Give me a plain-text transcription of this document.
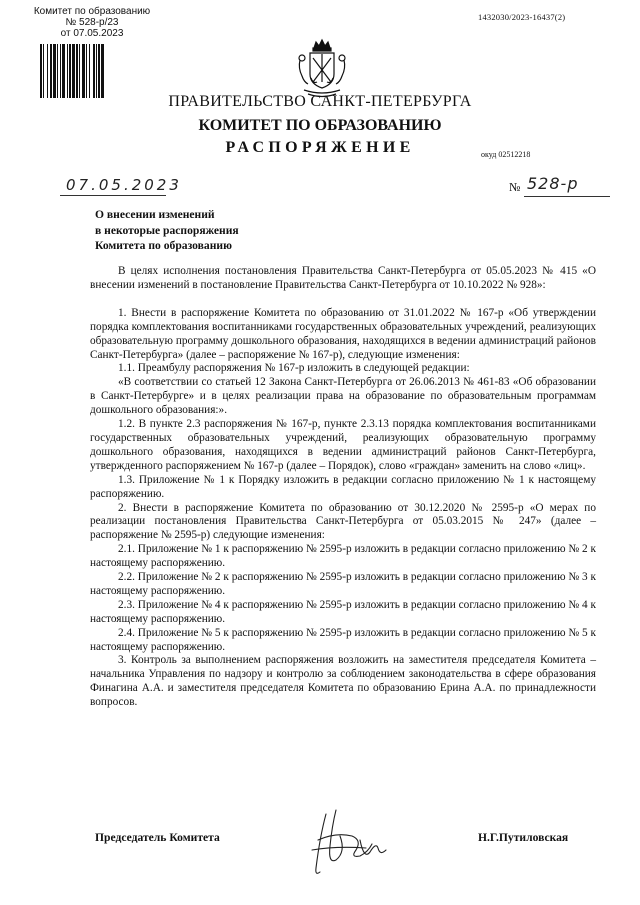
Комитет по образованию
№ 528-р/23
от 07.05.2023
1432030/2023-16437(2)
ПРАВИТЕЛЬСТВО САНКТ-ПЕТЕРБУРГА
КОМИТЕТ ПО ОБРАЗОВАНИЮ
РАСПОРЯЖЕНИЕ	окуд 02512218
07.05.2023	№ 528-р
О внесении изменений
в некоторые распоряжения
Комитета по образованию

В целях исполнения постановления Правительства Санкт-Петербурга от 05.05.2023 № 415 «О внесении изменений в постановление Правительства Санкт-Петербурга от 10.10.2022 № 928»:

1. Внести в распоряжение Комитета по образованию от 31.01.2022 № 167-р «Об утверждении порядка комплектования воспитанниками государственных образовательных учреждений, реализующих образовательную программу дошкольного образования, находящихся в ведении администраций районов Санкт-Петербурга» (далее – распоряжение № 167-р), следующие изменения:

1.1. Преамбулу распоряжения № 167-р изложить в следующей редакции:

«В соответствии со статьей 12 Закона Санкт-Петербурга от 26.06.2013 № 461-83 «Об образовании в Санкт-Петербурге» и в целях реализации права на образование по образовательным программам дошкольного образования:».

1.2. В пункте 2.3 распоряжения № 167-р, пункте 2.3.13 порядка комплектования воспитанниками государственных образовательных учреждений, реализующих образовательную программу дошкольного образования, находящихся в ведении администраций районов Санкт-Петербурга, утвержденного распоряжением № 167-р (далее – Порядок), слово «граждан» заменить на слово «лиц».

1.3. Приложение № 1 к Порядку изложить в редакции согласно приложению № 1 к настоящему распоряжению.

2. Внести в распоряжение Комитета по образованию от 30.12.2020 № 2595-р «О мерах по реализации постановления Правительства Санкт-Петербурга от 05.03.2015 № 247» (далее – распоряжение № 2595-р) следующие изменения:

2.1. Приложение № 1 к распоряжению № 2595-р изложить в редакции согласно приложению № 2 к настоящему распоряжению.

2.2. Приложение № 2 к распоряжению № 2595-р изложить в редакции согласно приложению № 3 к настоящему распоряжению.

2.3. Приложение № 4 к распоряжению № 2595-р изложить в редакции согласно приложению № 4 к настоящему распоряжению.

2.4. Приложение № 5 к распоряжению № 2595-р изложить в редакции согласно приложению № 5 к настоящему распоряжению.

3. Контроль за выполнением распоряжения возложить на заместителя председателя Комитета – начальника Управления по надзору и контролю за соблюдением законодательства в сфере образования Финагина А.А. и заместителя председателя Комитета по образованию Ерина А.А. по принадлежности вопросов.

Председатель Комитета	Н.Г.Путиловская
